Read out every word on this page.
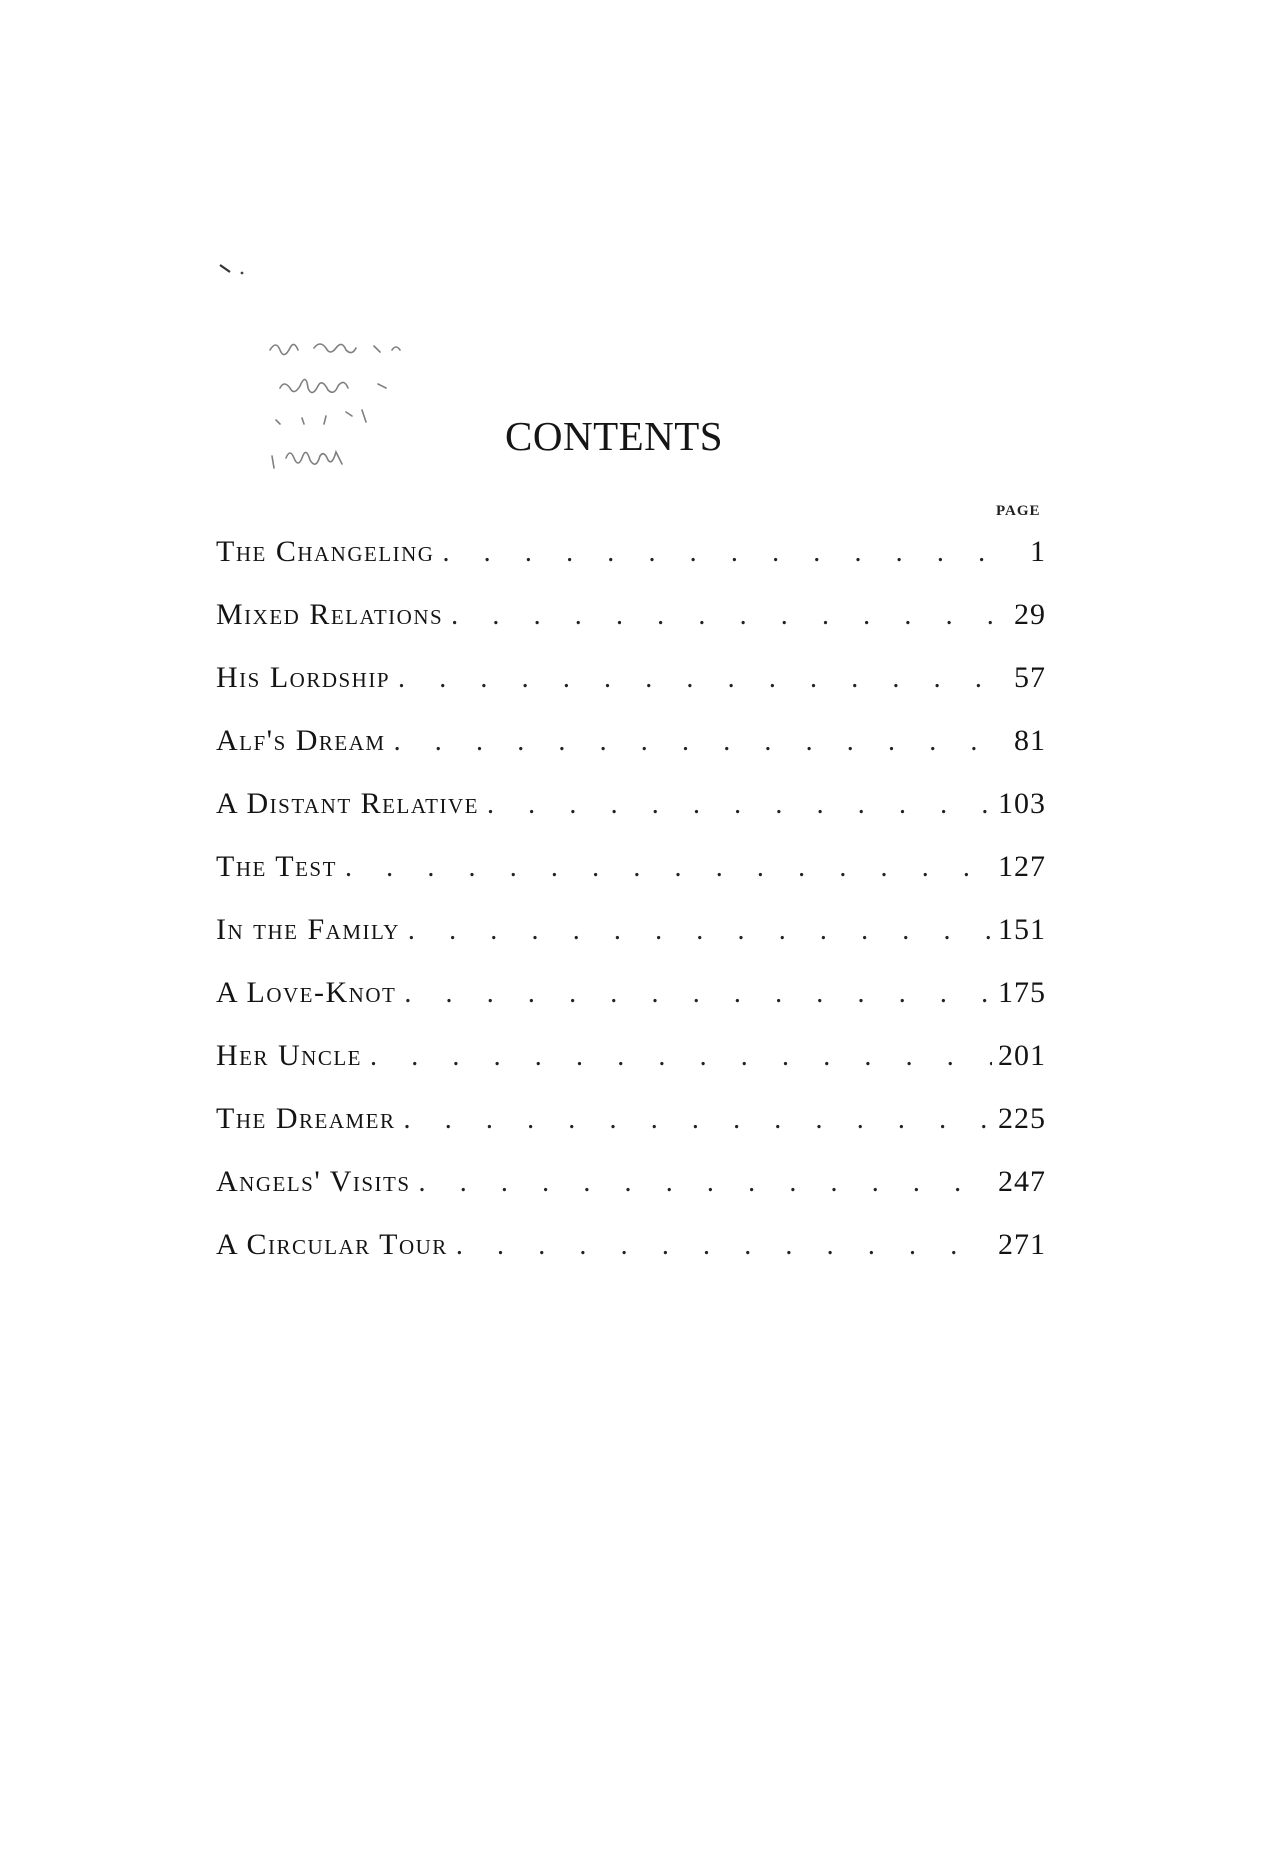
CONTENTS
PAGE
The Changeling . . .	1
Mixed Relations . . .	29
His Lordship . . .	57
Alf's Dream . . .	81
A Distant Relative . . .	103
The Test . . .	127
In the Family . . .	151
A Love-Knot . . .	175
Her Uncle . . .	201
The Dreamer . . .	225
Angels' Visits . . .	247
A Circular Tour . . .	271
